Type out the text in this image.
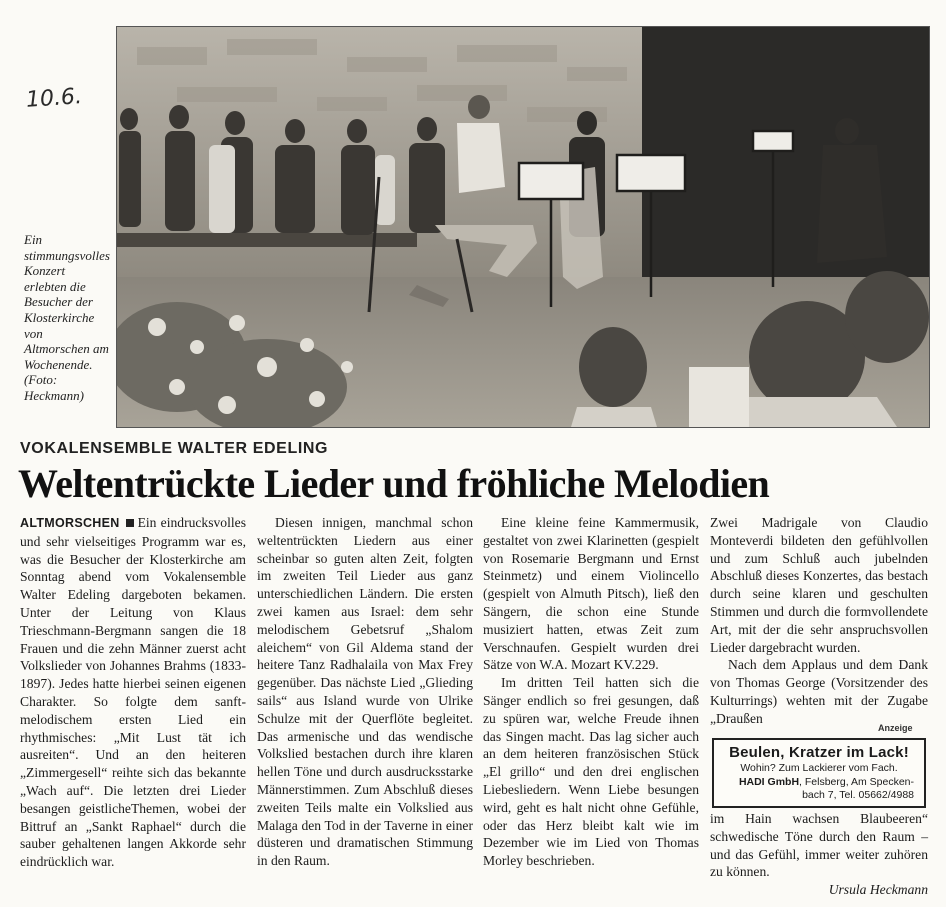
10.6.

Ein stimmungsvolles Konzert erlebten die Besucher der Klosterkirche von Altmorschen am Wochenende. (Foto: Heckmann)

VOKALENSEMBLE WALTER EDELING
Weltentrückte Lieder und fröhliche Melodien

ALTMORSCHEN Ein eindrucksvolles und sehr vielseitiges Programm war es, was die Besucher der Klosterkirche am Sonntag abend vom Vokalensemble Walter Edeling dargeboten bekamen. Unter der Leitung von Klaus Trieschmann-Bergmann sangen die 18 Frauen und die zehn Männer zuerst acht Volkslieder von Johannes Brahms (1833-1897). Jedes hatte hierbei seinen eigenen Charakter. So folgte dem sanft-melodischem ersten Lied ein rhythmisches: „Mit Lust tät ich ausreiten“. Und an den heiteren „Zimmergesell“ reihte sich das bekannte „Wach auf“. Die letzten drei Lieder besangen geistlicheThemen, wobei der Bittruf an „Sankt Raphael“ durch die sauber gehaltenen langen Akkorde sehr eindrücklich war.

Diesen innigen, manchmal schon weltentrückten Liedern aus einer scheinbar so guten alten Zeit, folgten im zweiten Teil Lieder aus ganz unterschiedlichen Ländern. Die ersten zwei kamen aus Israel: dem sehr melodischem Gebetsruf „Shalom aleichem“ von Gil Aldema stand der heitere Tanz Radhalaila von Max Frey gegenüber. Das nächste Lied „Glieding sails“ aus Island wurde von Ulrike Schulze mit der Querflöte begleitet. Das armenische und das wendische Volkslied bestachen durch ihre klaren hellen Töne und durch ausdrucksstarke Männerstimmen. Zum Abschluß dieses zweiten Teils malte ein Volkslied aus Malaga den Tod in der Taverne in einer düsteren und dramatischen Stimmung in den Raum.

Eine kleine feine Kammermusik, gestaltet von zwei Klarinetten (gespielt von Rosemarie Bergmann und Ernst Steinmetz) und einem Violincello (gespielt von Almuth Pitsch), ließ den Sängern, die schon eine Stunde musiziert hatten, etwas Zeit zum Verschnaufen. Gespielt wurden drei Sätze von W.A. Mozart KV.229.

Im dritten Teil hatten sich die Sänger endlich so frei gesungen, daß zu spüren war, welche Freude ihnen das Singen macht. Das lag sicher auch an dem heiteren französischen Stück „El grillo“ und den drei englischen Liebesliedern. Wenn Liebe besungen wird, geht es halt nicht ohne Gefühle, oder das Herz bleibt kalt wie im Dezember wie im Lied von Thomas Morley beschrieben.

Zwei Madrigale von Claudio Monteverdi bildeten den gefühlvollen und zum Schluß auch jubelnden Abschluß dieses Konzertes, das bestach durch seine klaren und geschulten Stimmen und durch die formvollendete Art, mit der die sehr anspruchsvollen Lieder dargebracht wurden.

Nach dem Applaus und dem Dank von Thomas George (Vorsitzender des Kulturrings) wehten mit der Zugabe „Draußen

Anzeige
Beulen, Kratzer im Lack!
Wohin? Zum Lackierer vom Fach.
HADI GmbH, Felsberg, Am Specken-
bach 7, Tel. 05662/4988

im Hain wachsen Blaubeeren“ schwedische Töne durch den Raum – und das Gefühl, immer weiter zuhören zu können.

Ursula Heckmann
